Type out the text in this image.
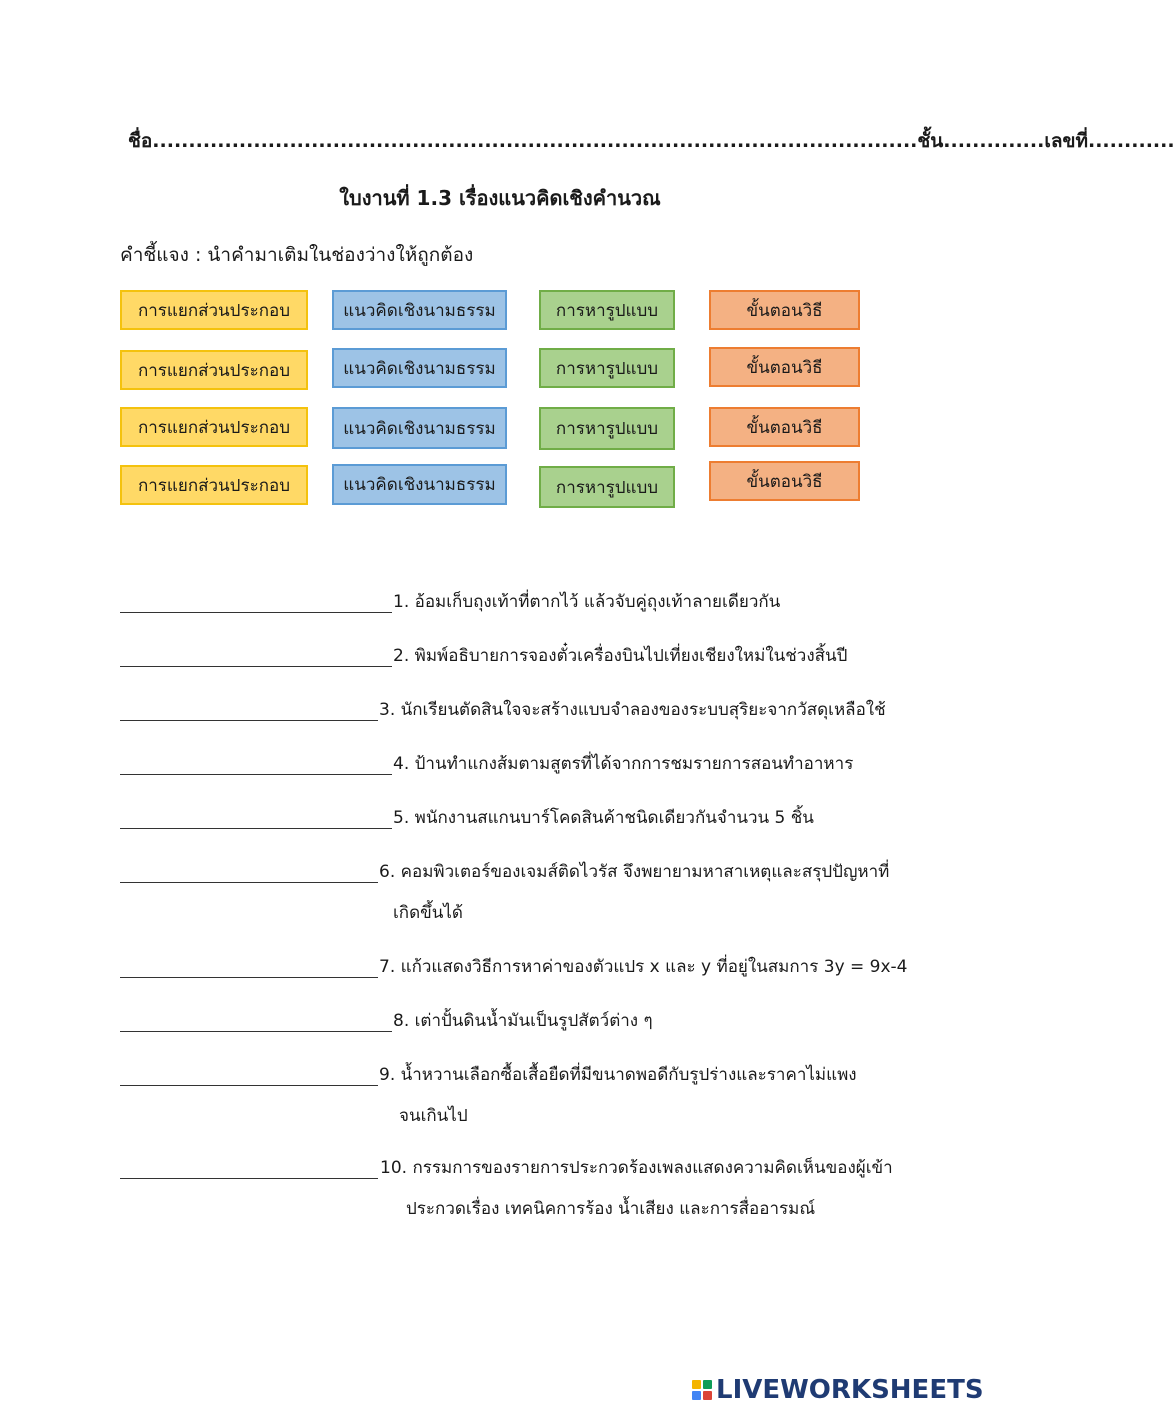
ชื่อ..........................................................................................................ชั้น..............เลขที่............
ใบงานที่ 1.3 เรื่องแนวคิดเชิงคำนวณ
คำชี้แจง : นำคำมาเติมในช่องว่างให้ถูกต้อง
การแยกส่วนประกอบ	แนวคิดเชิงนามธรรม	การหารูปแบบ	ขั้นตอนวิธี
การแยกส่วนประกอบ	แนวคิดเชิงนามธรรม	การหารูปแบบ	ขั้นตอนวิธี
การแยกส่วนประกอบ	แนวคิดเชิงนามธรรม	การหารูปแบบ	ขั้นตอนวิธี
การแยกส่วนประกอบ	แนวคิดเชิงนามธรรม	การหารูปแบบ	ขั้นตอนวิธี
1. อ้อมเก็บถุงเท้าที่ตากไว้ แล้วจับคู่ถุงเท้าลายเดียวกัน
2. พิมพ์อธิบายการจองตั๋วเครื่องบินไปเที่ยงเชียงใหม่ในช่วงสิ้นปี
3. นักเรียนตัดสินใจจะสร้างแบบจำลองของระบบสุริยะจากวัสดุเหลือใช้
4. ป้านทำแกงส้มตามสูตรที่ได้จากการชมรายการสอนทำอาหาร
5. พนักงานสแกนบาร์โคดสินค้าชนิดเดียวกันจำนวน 5 ชิ้น
6. คอมพิวเตอร์ของเจมส์ติดไวรัส จึงพยายามหาสาเหตุและสรุปปัญหาที่
เกิดขึ้นได้
7. แก้วแสดงวิธีการหาค่าของตัวแปร x และ y ที่อยู่ในสมการ 3y = 9x-4
8. เต่าปั้นดินน้ำมันเป็นรูปสัตว์ต่าง ๆ
9. น้ำหวานเลือกซื้อเสื้อยืดที่มีขนาดพอดีกับรูปร่างและราคาไม่แพง
จนเกินไป
10. กรรมการของรายการประกวดร้องเพลงแสดงความคิดเห็นของผู้เข้า
ประกวดเรื่อง เทคนิคการร้อง น้ำเสียง และการสื่ออารมณ์
LIVEWORKSHEETS
